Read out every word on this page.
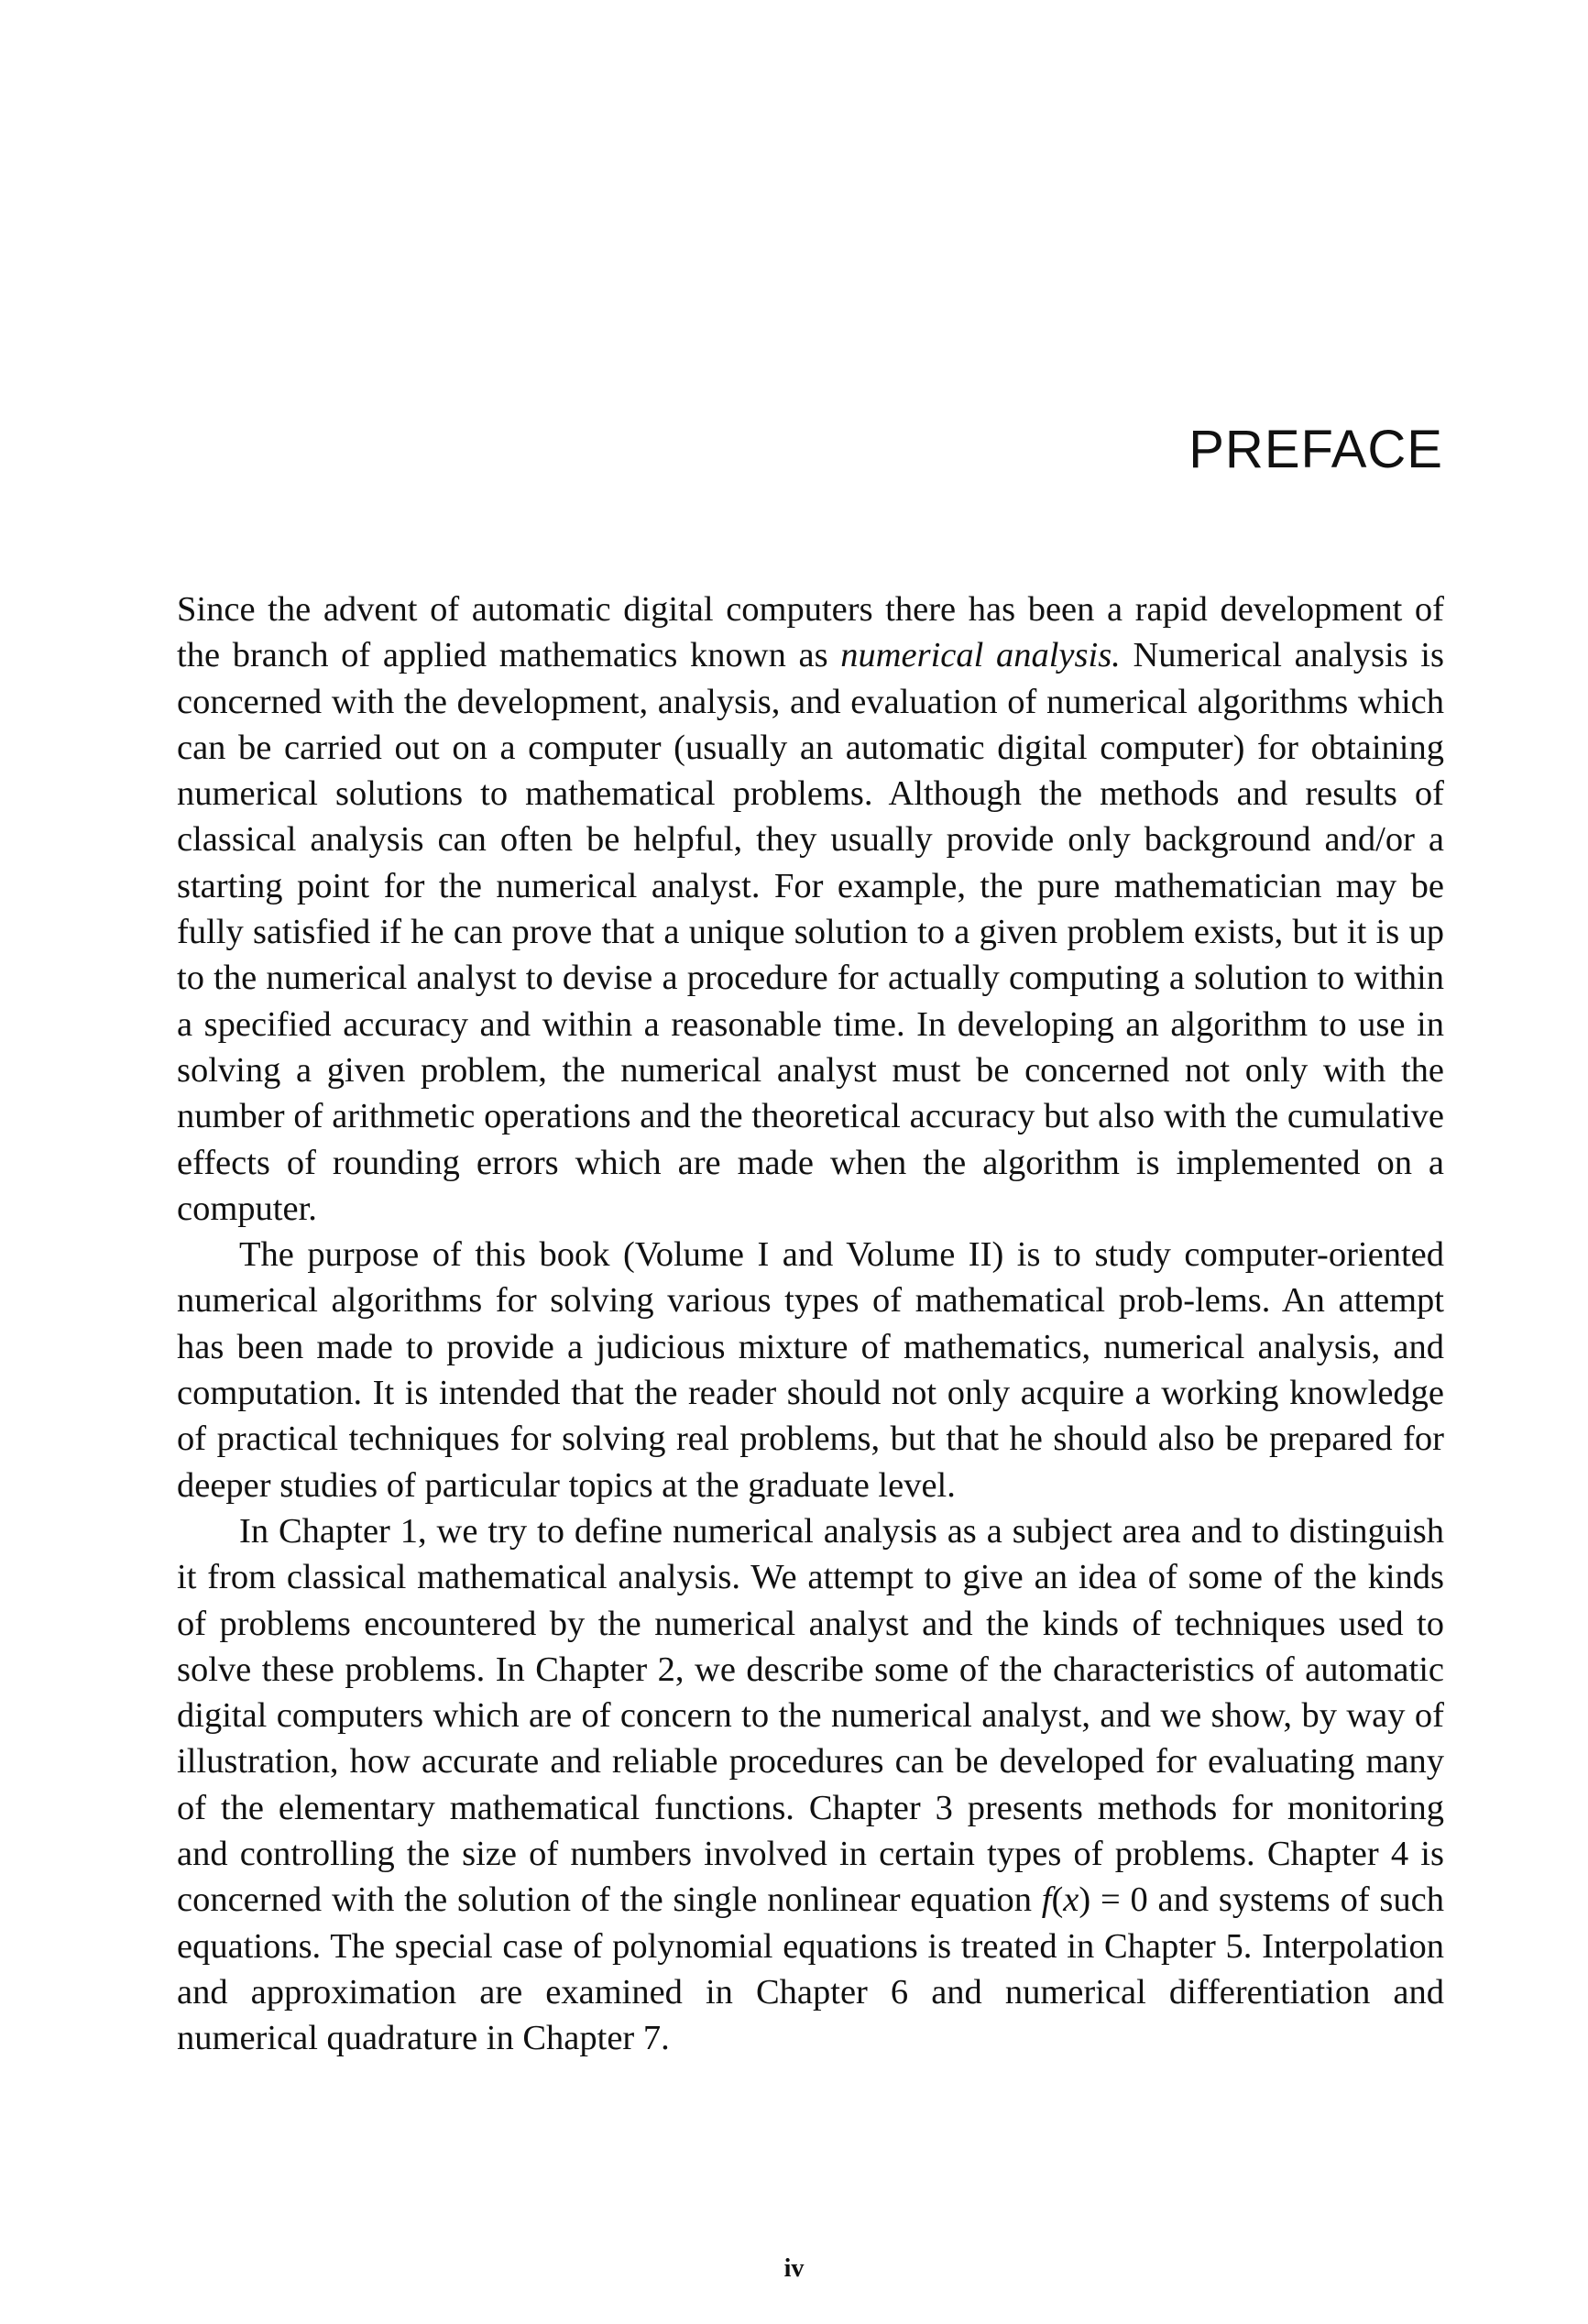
PREFACE

Since the advent of automatic digital computers there has been a rapid development of the branch of applied mathematics known as numerical analysis. Numerical analysis is concerned with the development, analysis, and evaluation of numerical algorithms which can be carried out on a computer (usually an automatic digital computer) for obtaining numerical solutions to mathematical problems. Although the methods and results of classical analysis can often be helpful, they usually provide only background and/or a starting point for the numerical analyst. For example, the pure mathematician may be fully satisfied if he can prove that a unique solution to a given problem exists, but it is up to the numerical analyst to devise a procedure for actually computing a solution to within a specified accuracy and within a reasonable time. In developing an algorithm to use in solving a given problem, the numerical analyst must be concerned not only with the number of arithmetic operations and the theoretical accuracy but also with the cumulative effects of rounding errors which are made when the algorithm is implemented on a computer.

The purpose of this book (Volume I and Volume II) is to study computer-oriented numerical algorithms for solving various types of mathematical prob-lems. An attempt has been made to provide a judicious mixture of mathematics, numerical analysis, and computation. It is intended that the reader should not only acquire a working knowledge of practical techniques for solving real problems, but that he should also be prepared for deeper studies of particular topics at the graduate level.

In Chapter 1, we try to define numerical analysis as a subject area and to distinguish it from classical mathematical analysis. We attempt to give an idea of some of the kinds of problems encountered by the numerical analyst and the kinds of techniques used to solve these problems. In Chapter 2, we describe some of the characteristics of automatic digital computers which are of concern to the numerical analyst, and we show, by way of illustration, how accurate and reliable procedures can be developed for evaluating many of the elementary mathematical functions. Chapter 3 presents methods for monitoring and controlling the size of numbers involved in certain types of problems. Chapter 4 is concerned with the solution of the single nonlinear equation f(x) = 0 and systems of such equations. The special case of polynomial equations is treated in Chapter 5. Interpolation and approximation are examined in Chapter 6 and numerical differentiation and numerical quadrature in Chapter 7.

iv
